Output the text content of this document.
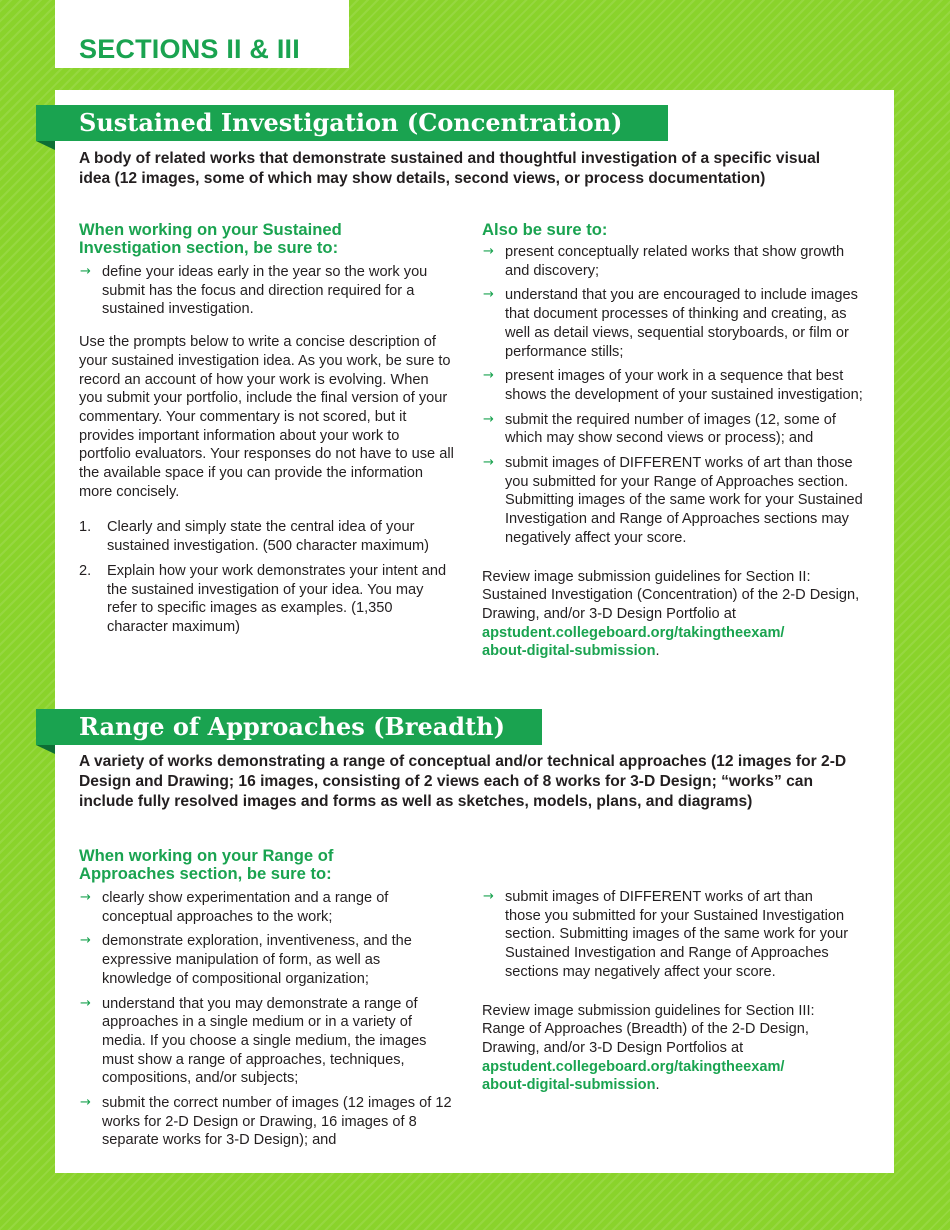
SECTIONS II & III
Sustained Investigation (Concentration)

A body of related works that demonstrate sustained and thoughtful investigation of a specific visual idea (12 images, some of which may show details, second views, or process documentation)

When working on your Sustained Investigation section, be sure to:
→ define your ideas early in the year so the work you submit has the focus and direction required for a sustained investigation.

Use the prompts below to write a concise description of your sustained investigation idea. As you work, be sure to record an account of how your work is evolving. When you submit your portfolio, include the final version of your commentary. Your commentary is not scored, but it provides important information about your work to portfolio evaluators. Your responses do not have to use all the available space if you can provide the information more concisely.

1. Clearly and simply state the central idea of your sustained investigation. (500 character maximum)
2. Explain how your work demonstrates your intent and the sustained investigation of your idea. You may refer to specific images as examples. (1,350 character maximum)
Also be sure to:
→ present conceptually related works that show growth and discovery;
→ understand that you are encouraged to include images that document processes of thinking and creating, as well as detail views, sequential storyboards, or film or performance stills;
→ present images of your work in a sequence that best shows the development of your sustained investigation;
→ submit the required number of images (12, some of which may show second views or process); and
→ submit images of DIFFERENT works of art than those you submitted for your Range of Approaches section. Submitting images of the same work for your Sustained Investigation and Range of Approaches sections may negatively affect your score.

Review image submission guidelines for Section II: Sustained Investigation (Concentration) of the 2-D Design, Drawing, and/or 3-D Design Portfolio at
apstudent.collegeboard.org/takingtheexam/
about-digital-submission.

Range of Approaches (Breadth)

A variety of works demonstrating a range of conceptual and/or technical approaches (12 images for 2-D Design and Drawing; 16 images, consisting of 2 views each of 8 works for 3-D Design; “works” can include fully resolved images and forms as well as sketches, models, plans, and diagrams)

When working on your Range of Approaches section, be sure to:
→ clearly show experimentation and a range of conceptual approaches to the work;
→ demonstrate exploration, inventiveness, and the expressive manipulation of form, as well as knowledge of compositional organization;
→ understand that you may demonstrate a range of approaches in a single medium or in a variety of media. If you choose a single medium, the images must show a range of approaches, techniques, compositions, and/or subjects;
→ submit the correct number of images (12 images of 12 works for 2-D Design or Drawing, 16 images of 8 separate works for 3-D Design); and
→ submit images of DIFFERENT works of art than those you submitted for your Sustained Investigation section. Submitting images of the same work for your Sustained Investigation and Range of Approaches sections may negatively affect your score.

Review image submission guidelines for Section III: Range of Approaches (Breadth) of the 2-D Design, Drawing, and/or 3-D Design Portfolios at
apstudent.collegeboard.org/takingtheexam/
about-digital-submission.
